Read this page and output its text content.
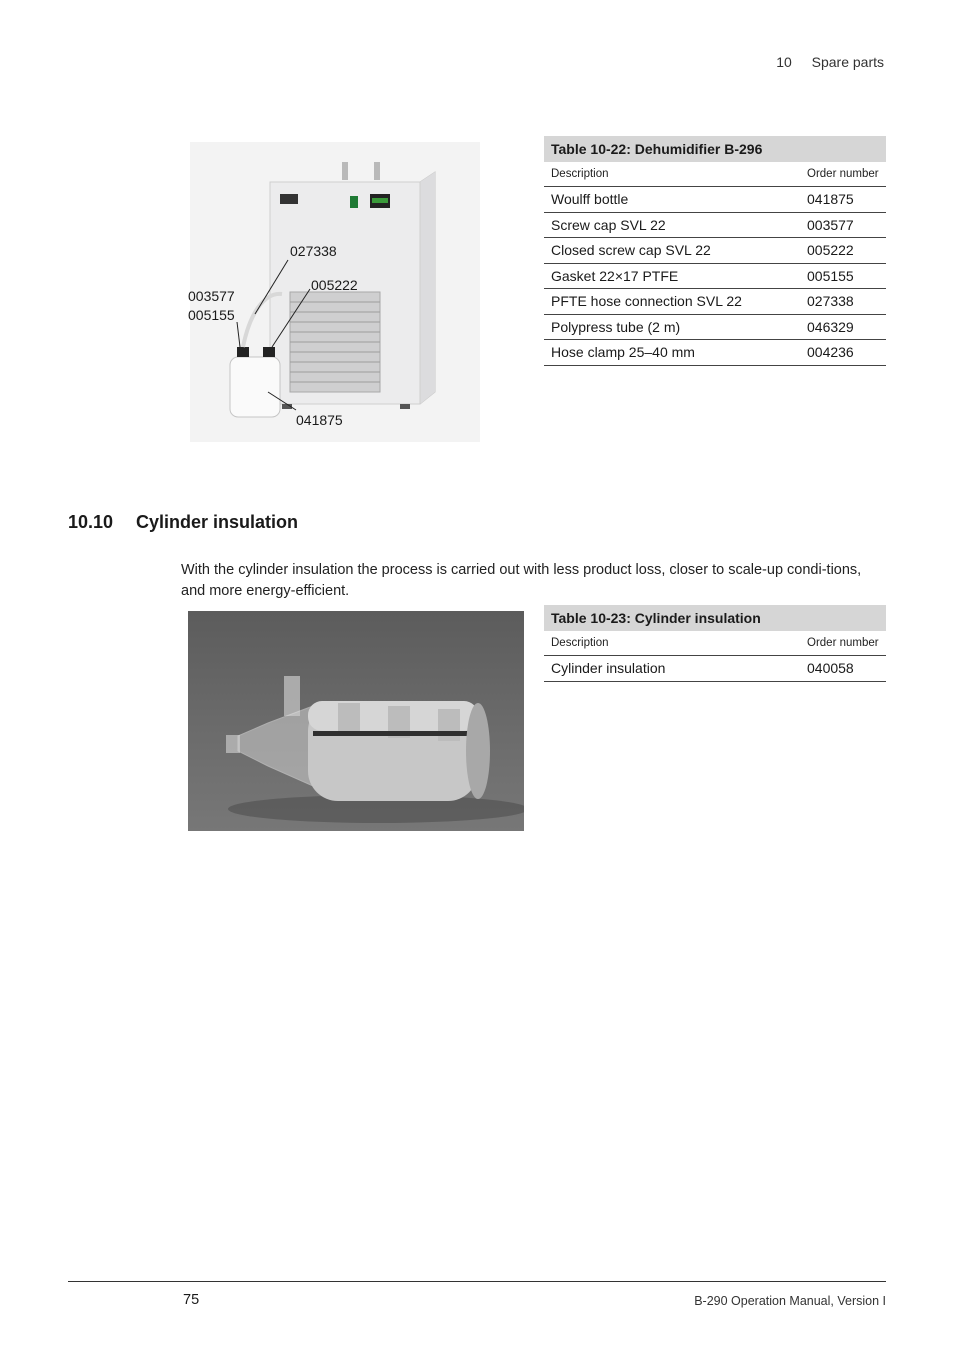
10 Spare parts
027338
005222
003577
005155
041875
Table 10-22: Dehumidifier B-296
Description	Order number
Woulff bottle	041875
Screw cap SVL 22	003577
Closed screw cap SVL 22	005222
Gasket 22×17 PTFE	005155
PFTE hose connection SVL 22	027338
Polypress tube (2 m)	046329
Hose clamp 25–40 mm	004236
10.10 Cylinder insulation
With the cylinder insulation the process is carried out with less product loss, closer to scale-up condi-tions, and more energy-efficient.
Table 10-23: Cylinder insulation
Description	Order number
Cylinder insulation	040058
75	B-290 Operation Manual, Version I
